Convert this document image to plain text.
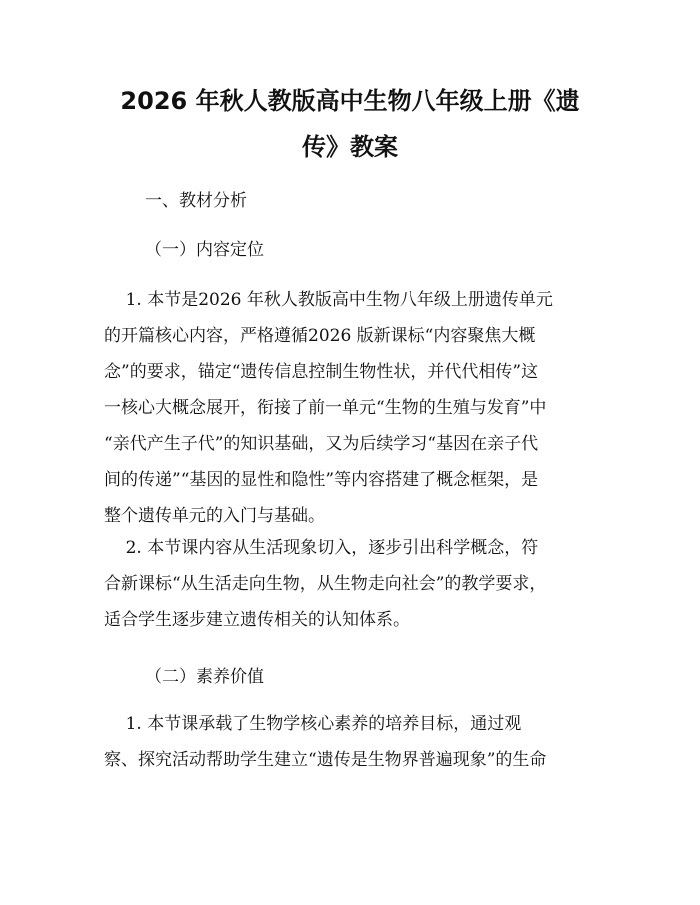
2026 年秋人教版高中生物八年级上册《遗
传》教案
一、教材分析
（一）内容定位
1. 本节是2026 年秋人教版高中生物八年级上册遗传单元
的开篇核心内容，严格遵循2026 版新课标“内容聚焦大概
念”的要求，锚定“遗传信息控制生物性状，并代代相传”这
一核心大概念展开，衔接了前一单元“生物的生殖与发育”中
“亲代产生子代”的知识基础，又为后续学习“基因在亲子代
间的传递”“基因的显性和隐性”等内容搭建了概念框架，是
整个遗传单元的入门与基础。
2. 本节课内容从生活现象切入，逐步引出科学概念，符
合新课标“从生活走向生物，从生物走向社会”的教学要求，
适合学生逐步建立遗传相关的认知体系。
（二）素养价值
1. 本节课承载了生物学核心素养的培养目标，通过观
察、探究活动帮助学生建立“遗传是生物界普遍现象”的生命
